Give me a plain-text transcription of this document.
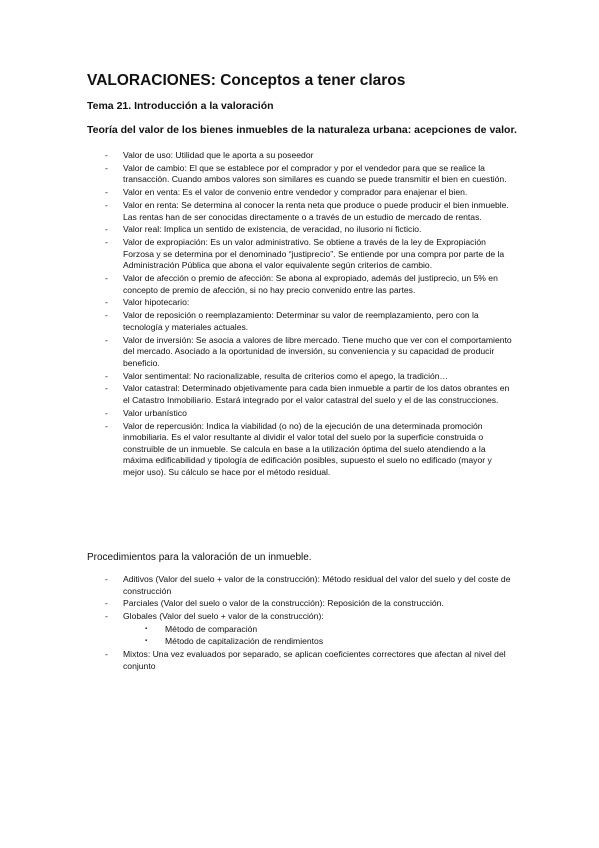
VALORACIONES: Conceptos a tener claros
Tema 21. Introducción a la valoración
Teoría del valor de los bienes inmuebles de la naturaleza urbana: acepciones de valor.
- Valor de uso: Utilidad que le aporta a su poseedor
- Valor de cambio: El que se establece por el comprador y por el vendedor para que se realice la transacción. Cuando ambos valores son similares es cuando se puede transmitir el bien en cuestión.
- Valor en venta: Es el valor de convenio entre vendedor y comprador para enajenar el bien.
- Valor en renta: Se determina al conocer la renta neta que produce o puede producir el bien inmueble. Las rentas han de ser conocidas directamente o a través de un estudio de mercado de rentas.
- Valor real: Implica un sentido de existencia, de veracidad, no ilusorio ni ficticio.
- Valor de expropiación: Es un valor administrativo. Se obtiene a través de la ley de Expropiación Forzosa y se determina por el denominado “justiprecio”. Se entiende por una compra por parte de la Administración Pública que abona el valor equivalente según criterios de cambio.
- Valor de afección o premio de afección: Se abona al expropiado, además del justiprecio, un 5% en concepto de premio de afección, si no hay precio convenido entre las partes.
- Valor hipotecario:
- Valor de reposición o reemplazamiento: Determinar su valor de reemplazamiento, pero con la tecnología y materiales actuales.
- Valor de inversión: Se asocia a valores de libre mercado. Tiene mucho que ver con el comportamiento del mercado. Asociado a la oportunidad de inversión, su conveniencia y su capacidad de producir beneficio.
- Valor sentimental: No racionalizable, resulta de criterios como el apego, la tradición…
- Valor catastral: Determinado objetivamente para cada bien inmueble a partir de los datos obrantes en el Catastro Inmobiliario. Estará integrado por el valor catastral del suelo y el de las construcciones.
- Valor urbanístico
- Valor de repercusión: Indica la viabilidad (o no) de la ejecución de una determinada promoción inmobiliaria. Es el valor resultante al dividir el valor total del suelo por la superficie construida o construible de un inmueble. Se calcula en base a la utilización óptima del suelo atendiendo a la máxima edificabilidad y tipología de edificación posibles, supuesto el suelo no edificado (mayor y mejor uso). Su cálculo se hace por el método residual.
Procedimientos para la valoración de un inmueble.
- Aditivos (Valor del suelo + valor de la construcción): Método residual del valor del suelo y del coste de construcción
- Parciales (Valor del suelo o valor de la construcción): Reposición de la construcción.
- Globales (Valor del suelo + valor de la construcción):
▪ Método de comparación
▪ Método de capitalización de rendimientos
- Mixtos: Una vez evaluados por separado, se aplican coeficientes correctores que afectan al nivel del conjunto
